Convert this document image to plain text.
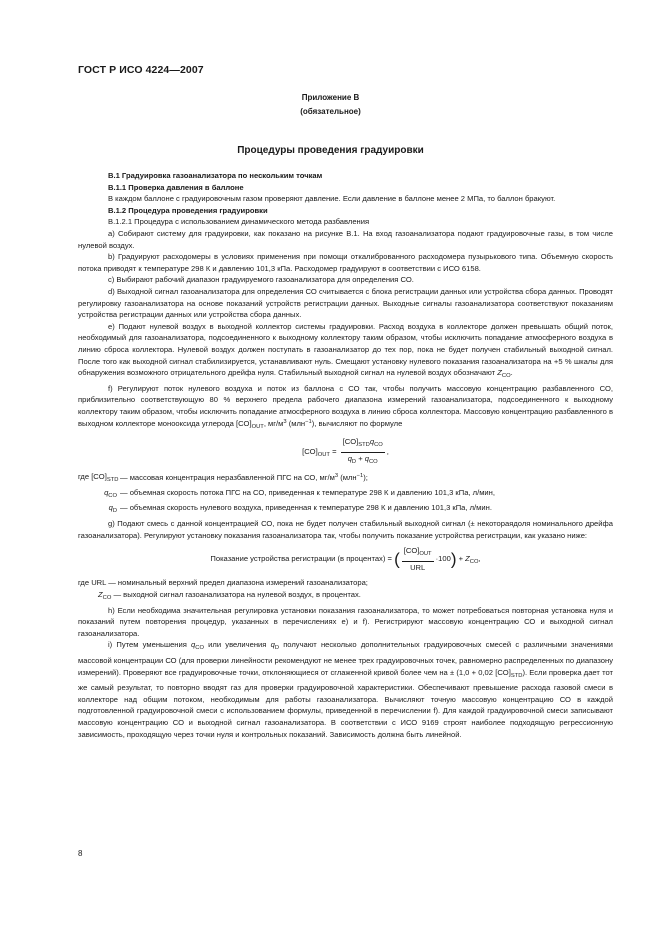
ГОСТ Р ИСО 4224—2007
Приложение В
(обязательное)
Процедуры проведения градуировки

В.1 Градуировка газоанализатора по нескольким точкам

В.1.1 Проверка давления в баллоне

В каждом баллоне с градуировочным газом проверяют давление. Если давление в баллоне менее 2 МПа, то баллон бракуют.

В.1.2 Процедура проведения градуировки

В.1.2.1 Процедура с использованием динамического метода разбавления

а) Собирают систему для градуировки, как показано на рисунке В.1. На вход газоанализатора подают градуировочные газы, в том числе нулевой воздух.

b) Градуируют расходомеры в условиях применения при помощи откалиброванного расходомера пузырькового типа. Объемную скорость потока приводят к температуре 298 К и давлению 101,3 кПа. Расходомер градуируют в соответствии с ИСО 6158.

c) Выбирают рабочий диапазон градуируемого газоанализатора для определения СО.

d) Выходной сигнал газоанализатора для определения СО считывается с блока регистрации данных или устройства сбора данных. Проводят регулировку газоанализатора на основе показаний устройств регистрации данных. Выходные сигналы газоанализатора соответствуют показаниям устройства регистрации данных или устройства сбора данных.

е) Подают нулевой воздух в выходной коллектор системы градуировки. Расход воздуха в коллекторе должен превышать общий поток, необходимый для газоанализатора, подсоединенного к выходному коллектору таким образом, чтобы исключить попадание атмосферного воздуха в линию сброса коллектора. Нулевой воздух должен поступать в газоанализатор до тех пор, пока не будет получен стабильный выходной сигнал. После того как выходной сигнал стабилизируется, устанавливают нуль. Смещают установку нулевого показания газоанализатора на +5 % шкалы для обнаружения возможного отрицательного дрейфа нуля. Стабильный выходной сигнал на нулевой воздух обозначают $Z_{CO}$.

f) Регулируют поток нулевого воздуха и поток из баллона с СО так, чтобы получить массовую концентрацию разбавленного СО, приблизительно соответствующую 80 % верхнего предела рабочего диапазона измерений газоанализатора, подсоединенного к выходному коллектору таким образом, чтобы исключить попадание атмосферного воздуха в линию сброса коллектора. Массовую концентрацию разбавленного в выходном коллекторе монооксида углерода $[CO]_{OUT}$, $мг/м^3$ (млн$^{-1}$), вычисляют по формуле

$[CO]_{OUT} = \frac{[CO]_{STD}q_{CO}}{q_D + q_{CO}}$ ,
где $[CO]_{STD}$	— массовая концентрация неразбавленной ПГС на СО, $мг/м^3$ (млн$^{-1}$);
$q_{CO}$	— объемная скорость потока ПГС на СО, приведенная к температуре 298 К и давлению 101,3 кПа, л/мин,
$q_D$	— объемная скорость нулевого воздуха, приведенная к температуре 298 К и давлению 101,3 кПа, л/мин.

g) Подают смесь с данной концентрацией СО, пока не будет получен стабильный выходной сигнал (± некотораядоля номинального дрейфа газоанализатора). Регулируют установку показания газоанализатора так, чтобы получить показание устройства регистрации, как указано ниже:

Показание устройства регистрации (в процентах) = ( $\frac{[CO]_{OUT}}{\text{URL}} \cdot 100) + Z_{CO}$,

где URL — номинальный верхний предел диапазона измерений газоанализатора;

$Z_{CO}$ — выходной сигнал газоанализатора на нулевой воздух, в процентах.

h) Если необходима значительная регулировка установки показания газоанализатора, то может потребоваться повторная установка нуля и показаний путем повторения процедур, указанных в перечислениях е) и f). Регистрируют массовую концентрацию СО и выходной сигнал газоанализатора.

i) Путем уменьшения $q_{CO}$ или увеличения $q_D$ получают несколько дополнительных градуировочных смесей с различными значениями массовой концентрации СО (для проверки линейности рекомендуют не менее трех градуировочных точек, равномерно распределенных по диапазону измерений). Проверяют все градуировочные точки, отклоняющиеся от сглаженной кривой более чем на ± (1,0 + 0,02 $[CO]_{STD}$). Если проверка дает тот же самый результат, то повторно вводят газ для проверки градуировочной характеристики. Обеспечивают превышение расхода газовой смеси в коллекторе над общим потоком, необходимым для работы газоанализатора. Вычисляют точную массовую концентрацию СО в каждой подготовленной градуировочной смеси с использованием формулы, приведенной в перечислении f). Для каждой градуировочной смеси записывают массовую концентрацию СО и выходной сигнал газоанализатора. В соответствии с ИСО 9169 строят наиболее подходящую регрессионную зависимость, проходящую через точки нуля и контрольных показаний. Зависимость должна быть линейной.

8
